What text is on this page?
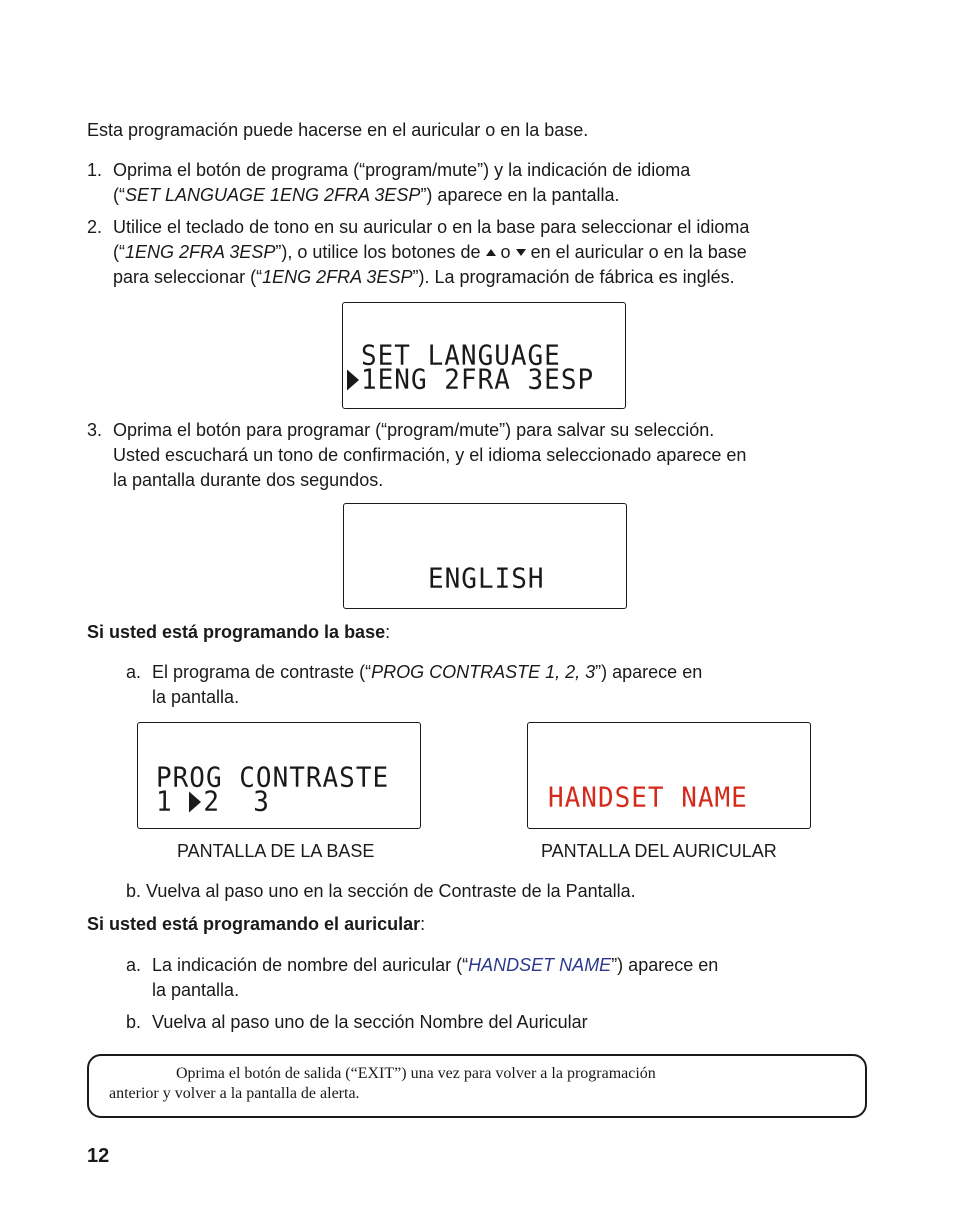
Esta programación puede hacerse en el auricular o en la base.

1. Oprima el botón de programa (“program/mute”) y la indicación de idioma
(“SET LANGUAGE 1ENG 2FRA 3ESP”) aparece en la pantalla.
2. Utilice el teclado de tono en su auricular o en la base para seleccionar el idioma
(“1ENG 2FRA 3ESP”), o utilice los botones de o en el auricular o en la base
para seleccionar (“1ENG 2FRA 3ESP”). La programación de fábrica es inglés.
SET LANGUAGE
1ENG 2FRA 3ESP
3. Oprima el botón para programar (“program/mute”) para salvar su selección.
Usted escuchará un tono de confirmación, y el idioma seleccionado aparece en
la pantalla durante dos segundos.
ENGLISH

Si usted está programando la base:

a. El programa de contraste (“PROG CONTRASTE 1, 2, 3”) aparece en
la pantalla.
PROG CONTRASTE
1 2  3	HANDSET NAME
PANTALLA DE LA BASE	PANTALLA DEL AURICULAR

b. Vuelva al paso uno en la sección de Contraste de la Pantalla.

Si usted está programando el auricular:

a. La indicación de nombre del auricular (“HANDSET NAME”) aparece en
la pantalla.
b. Vuelva al paso uno de la sección Nombre del Auricular
Oprima el botón de salida (“EXIT”) una vez para volver a la programación
anterior y volver a la pantalla de alerta.
12
